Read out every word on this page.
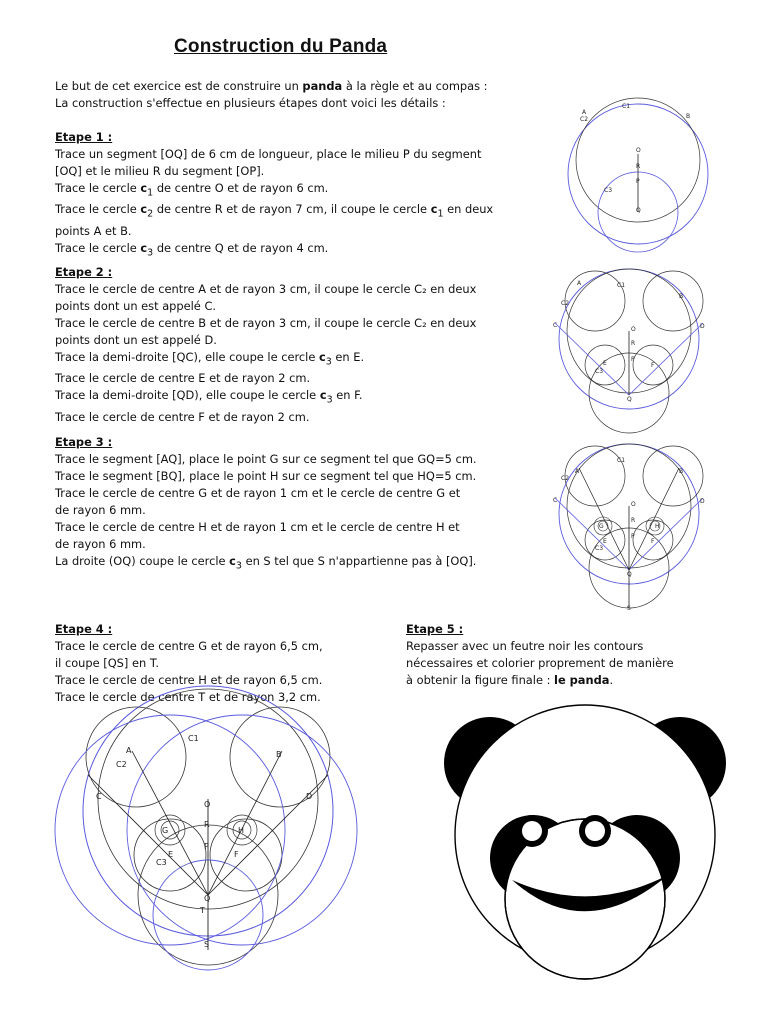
Construction du Panda
Le but de cet exercice est de construire un panda à la règle et au compas :
La construction s'effectue en plusieurs étapes dont voici les détails :
Etape 1 :
Trace un segment [OQ] de 6 cm de longueur, place le milieu P du segment
[OQ] et le milieu R du segment [OP].
Trace le cercle $c_1$ de centre O et de rayon 6 cm.
Trace le cercle $c_2$ de centre R et de rayon 7 cm, il coupe le cercle $c_1$ en deux
points A et B.
Trace le cercle $c_3$ de centre Q et de rayon 4 cm.
Etape 2 :
Trace le cercle de centre A et de rayon 3 cm, il coupe le cercle C₂ en deux
points dont un est appelé C.
Trace le cercle de centre B et de rayon 3 cm, il coupe le cercle C₂ en deux
points dont un est appelé D.
Trace la demi-droite [QC), elle coupe le cercle $c_3$ en E.
Trace le cercle de centre E et de rayon 2 cm.
Trace la demi-droite [QD), elle coupe le cercle $c_3$ en F.
Trace le cercle de centre F et de rayon 2 cm.
Etape 3 :
Trace le segment [AQ], place le point G sur ce segment tel que GQ=5 cm.
Trace le segment [BQ], place le point H sur ce segment tel que HQ=5 cm.
Trace le cercle de centre G et de rayon 1 cm et le cercle de centre G et
de rayon 6 mm.
Trace le cercle de centre H et de rayon 1 cm et le cercle de centre H et
de rayon 6 mm.
La droite (OQ) coupe le cercle $c_3$ en S tel que S n'appartienne pas à [OQ].
Etape 4 :
Trace le cercle de centre G et de rayon 6,5 cm,
il coupe [QS] en T.
Trace le cercle de centre H et de rayon 6,5 cm.
Trace le cercle de centre T et de rayon 3,2 cm.
Etape 5 :
Repasser avec un feutre noir les contours
nécessaires et colorier proprement de manière
à obtenir la figure finale : le panda.
C2
C1
A
B
O
R
P
C3
Q
C2
C1
A
B
C	D
O
R
P
E	F
C3
Q
C2
C1
A	B
C	D
O
R
P
G	H
E	F
C3
Q
S
C2
C1
A	B
C	D
O
R
P
G	H
E	F
C3
Q
T
S
